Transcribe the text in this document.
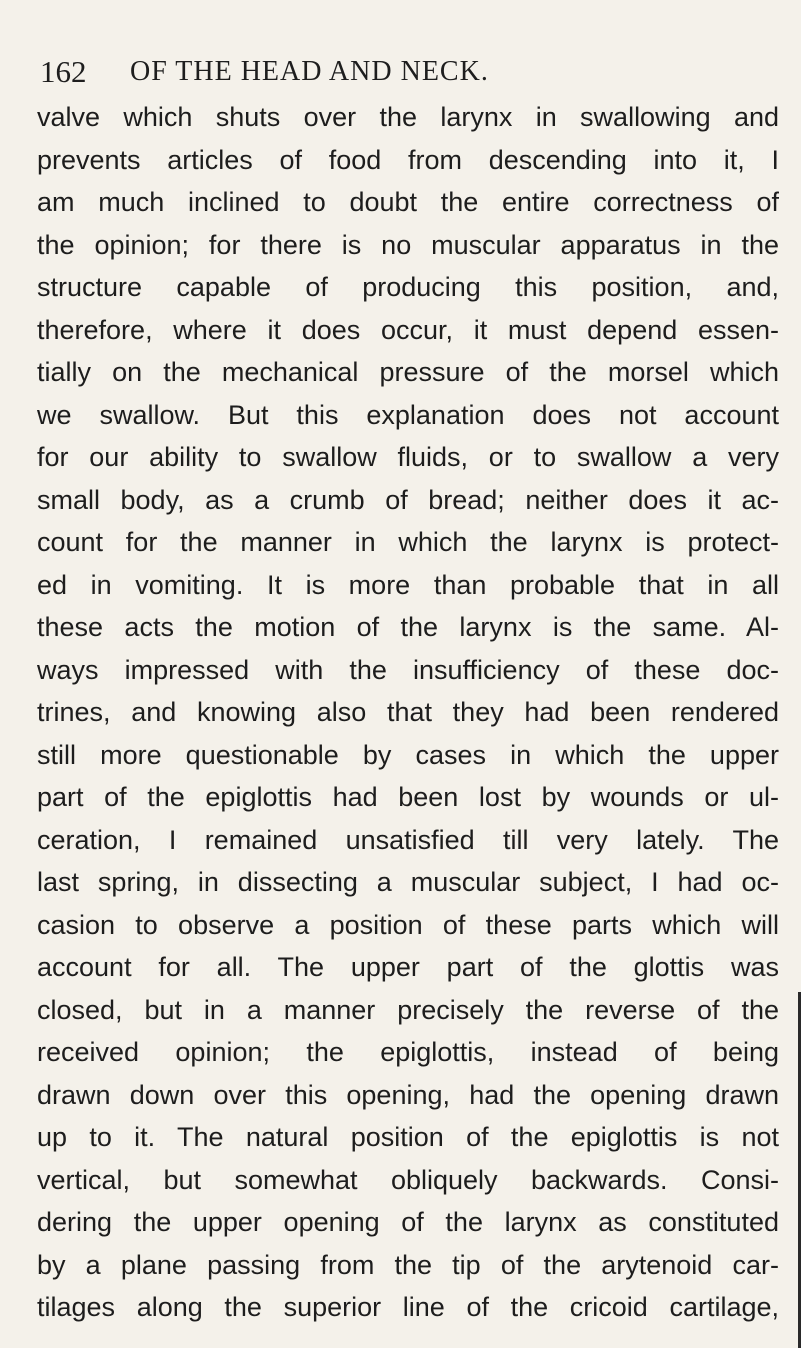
162 OF THE HEAD AND NECK.
valve which shuts over the larynx in swallowing and
prevents articles of food from descending into it, I
am much inclined to doubt the entire correctness of
the opinion; for there is no muscular apparatus in the
structure capable of producing this position, and,
therefore, where it does occur, it must depend essen-
tially on the mechanical pressure of the morsel which
we swallow. But this explanation does not account
for our ability to swallow fluids, or to swallow a very
small body, as a crumb of bread; neither does it ac-
count for the manner in which the larynx is protect-
ed in vomiting. It is more than probable that in all
these acts the motion of the larynx is the same. Al-
ways impressed with the insufficiency of these doc-
trines, and knowing also that they had been rendered
still more questionable by cases in which the upper
part of the epiglottis had been lost by wounds or ul-
ceration, I remained unsatisfied till very lately. The
last spring, in dissecting a muscular subject, I had oc-
casion to observe a position of these parts which will
account for all. The upper part of the glottis was
closed, but in a manner precisely the reverse of the
received opinion; the epiglottis, instead of being
drawn down over this opening, had the opening drawn
up to it. The natural position of the epiglottis is not
vertical, but somewhat obliquely backwards. Consi-
dering the upper opening of the larynx as constituted
by a plane passing from the tip of the arytenoid car-
tilages along the superior line of the cricoid cartilage,
